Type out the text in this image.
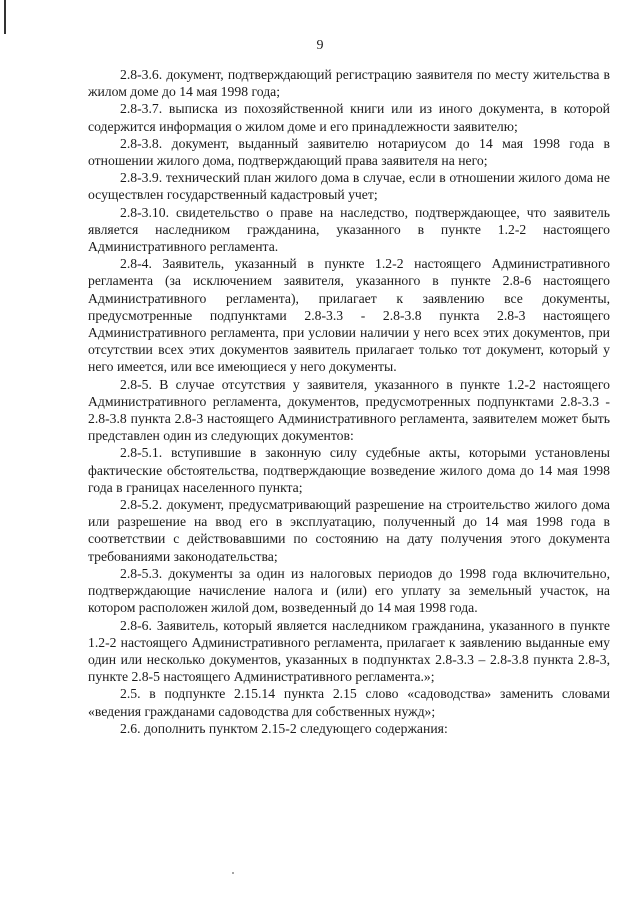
9

2.8-3.6. документ, подтверждающий регистрацию заявителя по месту жительства в жилом доме до 14 мая 1998 года;

2.8-3.7. выписка из похозяйственной книги или из иного документа, в которой содержится информация о жилом доме и его принадлежности заявителю;

2.8-3.8. документ, выданный заявителю нотариусом до 14 мая 1998 года в отношении жилого дома, подтверждающий права заявителя на него;

2.8-3.9. технический план жилого дома в случае, если в отношении жилого дома не осуществлен государственный кадастровый учет;

2.8-3.10. свидетельство о праве на наследство, подтверждающее, что заявитель является наследником гражданина, указанного в пункте 1.2-2 настоящего Административного регламента.

2.8-4. Заявитель, указанный в пункте 1.2-2 настоящего Административного регламента (за исключением заявителя, указанного в пункте 2.8-6 настоящего Административного регламента), прилагает к заявлению все документы, предусмотренные подпунктами 2.8-3.3 - 2.8-3.8 пункта 2.8-3 настоящего Административного регламента, при условии наличии у него всех этих документов, при отсутствии всех этих документов заявитель прилагает только тот документ, который у него имеется, или все имеющиеся у него документы.

2.8-5. В случае отсутствия у заявителя, указанного в пункте 1.2-2 настоящего Административного регламента, документов, предусмотренных подпунктами 2.8-3.3 - 2.8-3.8 пункта 2.8-3 настоящего Административного регламента, заявителем может быть представлен один из следующих документов:

2.8-5.1. вступившие в законную силу судебные акты, которыми установлены фактические обстоятельства, подтверждающие возведение жилого дома до 14 мая 1998 года в границах населенного пункта;

2.8-5.2. документ, предусматривающий разрешение на строительство жилого дома или разрешение на ввод его в эксплуатацию, полученный до 14 мая 1998 года в соответствии с действовавшими по состоянию на дату получения этого документа требованиями законодательства;

2.8-5.3. документы за один из налоговых периодов до 1998 года включительно, подтверждающие начисление налога и (или) его уплату за земельный участок, на котором расположен жилой дом, возведенный до 14 мая 1998 года.

2.8-6. Заявитель, который является наследником гражданина, указанного в пункте 1.2-2 настоящего Административного регламента, прилагает к заявлению выданные ему один или несколько документов, указанных в подпунктах 2.8-3.3 – 2.8-3.8 пункта 2.8-3, пункте 2.8-5 настоящего Административного регламента.»;

2.5. в подпункте 2.15.14 пункта 2.15 слово «садоводства» заменить словами «ведения гражданами садоводства для собственных нужд»;

2.6. дополнить пунктом 2.15-2 следующего содержания:
